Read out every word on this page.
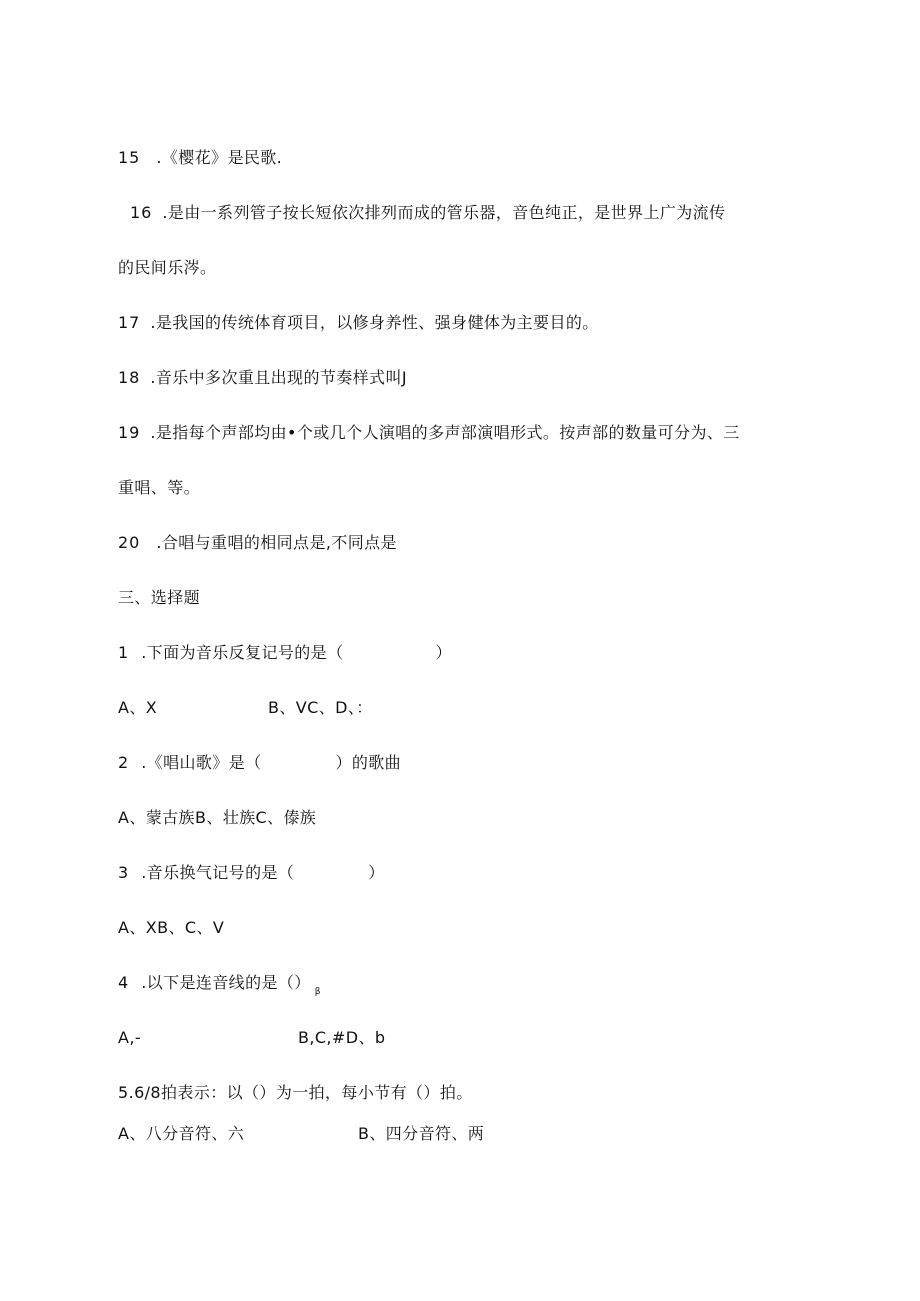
15 .《樱花》是民歌.
16 .是由一系列管子按长短依次排列而成的管乐器，音色纯正，是世界上广为流传
的民间乐涔。
17 .是我国的传统体育项目，以修身养性、强身健体为主要目的。
18 .音乐中多次重且出现的节奏样式叫J
19 .是指每个声部均由•个或几个人演唱的多声部演唱形式。按声部的数量可分为、三
重唱、等。
20 .合唱与重唱的相同点是,不同点是
三、选择题
1 .下面为音乐反复记号的是（	）
A、X	B、VC、D、：
2 .《唱山歌》是（	）的歌曲
A、蒙古族B、壮族C、傣族
3 .音乐换气记号的是（	）
A、XB、C、V
4 .以下是连音线的是（） $_\beta$
A,-	B,C,#D、b
5.6/8拍表示：以（）为一拍，每小节有（）拍。
A、八分音符、六	B、四分音符、两
